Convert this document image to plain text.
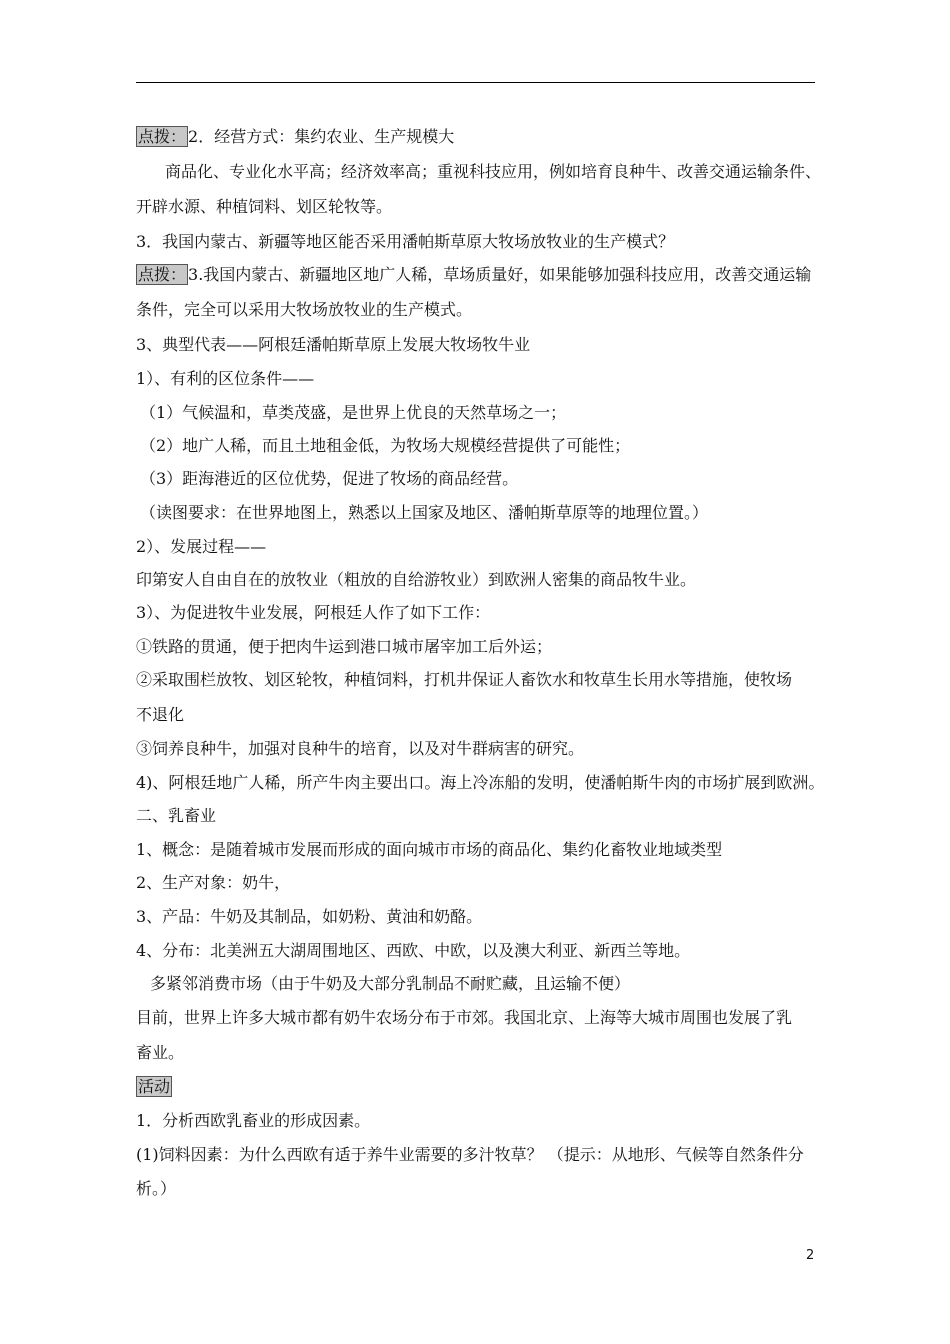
点拨： 2．经营方式：集约农业、生产规模大
商品化、专业化水平高；经济效率高；重视科技应用，例如培育良种牛、改善交通运输条件、
开辟水源、种植饲料、划区轮牧等。
3．我国内蒙古、新疆等地区能否采用潘帕斯草原大牧场放牧业的生产模式？
点拨： 3.我国内蒙古、新疆地区地广人稀，草场质量好，如果能够加强科技应用，改善交通运输
条件，完全可以采用大牧场放牧业的生产模式。
3、典型代表——阿根廷潘帕斯草原上发展大牧场牧牛业
1）、有利的区位条件——
（1）气候温和，草类茂盛，是世界上优良的天然草场之一；
（2）地广人稀，而且土地租金低，为牧场大规模经营提供了可能性；
（3）距海港近的区位优势，促进了牧场的商品经营。
（读图要求：在世界地图上，熟悉以上国家及地区、潘帕斯草原等的地理位置。）
2）、发展过程——
印第安人自由自在的放牧业（粗放的自给游牧业）到欧洲人密集的商品牧牛业。
3）、为促进牧牛业发展，阿根廷人作了如下工作：
①铁路的贯通，便于把肉牛运到港口城市屠宰加工后外运；
②采取围栏放牧、划区轮牧，种植饲料，打机井保证人畜饮水和牧草生长用水等措施，使牧场
不退化
③饲养良种牛，加强对良种牛的培育，以及对牛群病害的研究。
4)、阿根廷地广人稀，所产牛肉主要出口。海上冷冻船的发明，使潘帕斯牛肉的市场扩展到欧洲。
二、乳畜业
1、概念：是随着城市发展而形成的面向城市市场的商品化、集约化畜牧业地域类型
2、生产对象：奶牛，
3、产品：牛奶及其制品，如奶粉、黄油和奶酪。
4、分布：北美洲五大湖周围地区、西欧、中欧，以及澳大利亚、新西兰等地。
多紧邻消费市场（由于牛奶及大部分乳制品不耐贮藏，且运输不便）
目前，世界上许多大城市都有奶牛农场分布于市郊。我国北京、上海等大城市周围也发展了乳
畜业。
活动
1．分析西欧乳畜业的形成因素。
(1)饲料因素：为什么西欧有适于养牛业需要的多汁牧草？ （提示：从地形、气候等自然条件分
析。）
2
